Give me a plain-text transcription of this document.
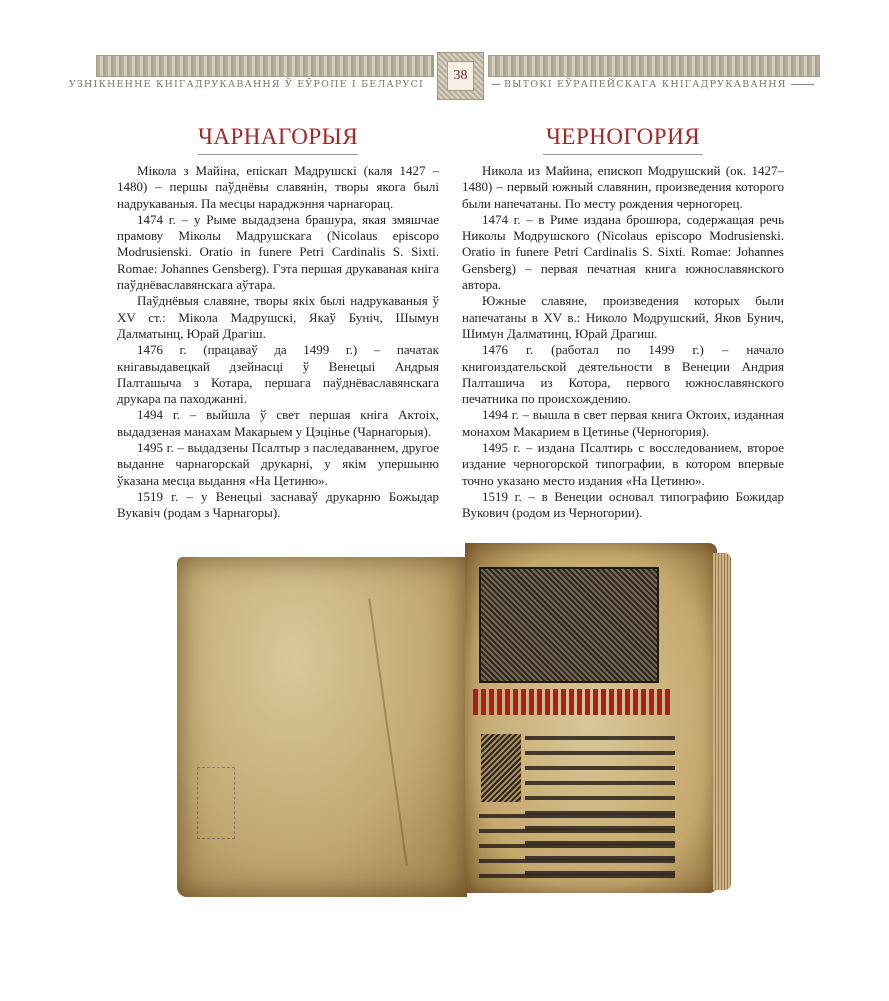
УЗНІКНЕННЕ КНІГАДРУКАВАННЯ Ў ЕЎРОПЕ І БЕЛАРУСІ	ВЫТОКІ ЕЎРАПЕЙСКАГА КНІГАДРУКАВАННЯ
38
ЧАРНАГОРЫЯ

Мікола з Майіна, епіскап Мадрушскі (каля 1427 – 1480) – першы паўднёвы славянін, творы якога былі надрукаваныя. Па месцы нараджэння чарнагорац.

1474 г. – у Рыме выдадзена брашура, якая змяшчае прамову Міколы Мадрушскага (Nicolaus episcopo Modrusienski. Oratio in funere Petri Cardinalis S. Sixti. Romae: Johannes Gensberg). Гэта першая друкаваная кніга паўднёваславянскага аўтара.

Паўднёвыя славяне, творы якіх былі надрукаваныя ў XV ст.: Мікола Мадрушскі, Якаў Буніч, Шымун Далматынц, Юрай Драгіш.

1476 г. (працаваў да 1499 г.) – пачатак кнігавыдавецкай дзейнасці ў Венецыі Андрыя Палташыча з Котара, першага паўднёваславянскага друкара па паходжанні.

1494 г. – выйшла ў свет першая кніга Актоіх, выдадзеная манахам Макарыем у Цэціньe (Чарнагорыя).

1495 г. – выдадзены Псалтыр з паследаваннем, другое выданне чарнагорскай друкарні, у якім упершыню ўказана месца выдання «На Цетиню».

1519 г. – у Венецыі заснаваў друкарню Божыдар Вукавіч (родам з Чарнагоры).

ЧЕРНОГОРИЯ

Никола из Майина, епископ Модрушский (ок. 1427–1480) – первый южный славянин, произведения которого были напечатаны. По месту рождения черногорец.

1474 г. – в Риме издана брошюра, содержащая речь Николы Модрушского (Nicolaus episcopo Modrusienski. Oratio in funere Petri Cardinalis S. Sixti. Romae: Johannes Gensberg) – первая печатная книга южнославянского автора.

Южные славяне, произведения которых были напечатаны в XV в.: Николо Модрушский, Яков Бунич, Шимун Далматинц, Юрай Драгиш.

1476 г. (работал по 1499 г.) – начало книгоиздательской деятельности в Венеции Андрия Палташича из Котора, первого южнославянского печатника по происхождению.

1494 г. – вышла в свет первая книга Октоих, изданная монахом Макарием в Цетинье (Черногория).

1495 г. – издана Псалтирь с восследованием, второе издание черногорской типографии, в котором впервые точно указано место издания «На Цетиню».

1519 г. – в Венеции основал типографию Божидар Вукович (родом из Черногории).
